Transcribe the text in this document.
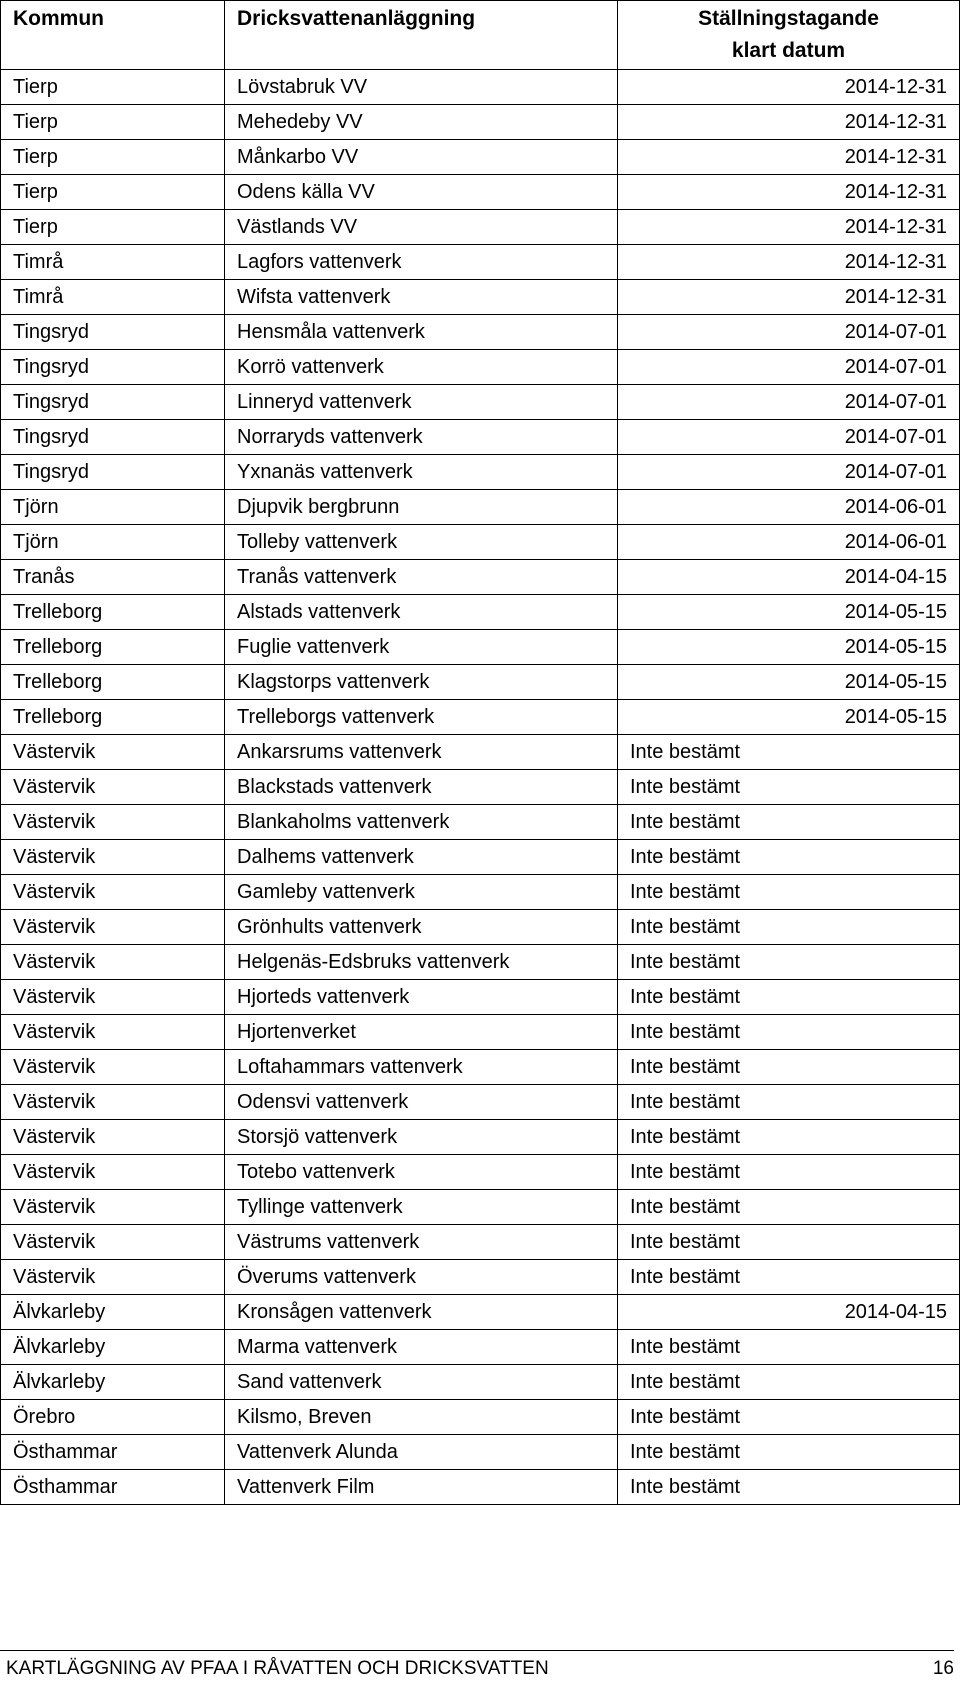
Kommun	Dricksvattenanläggning	Ställningstagande klart datum
Tierp	Lövstabruk VV	2014-12-31
Tierp	Mehedeby VV	2014-12-31
Tierp	Månkarbo VV	2014-12-31
Tierp	Odens källa VV	2014-12-31
Tierp	Västlands VV	2014-12-31
Timrå	Lagfors vattenverk	2014-12-31
Timrå	Wifsta vattenverk	2014-12-31
Tingsryd	Hensmåla vattenverk	2014-07-01
Tingsryd	Korrö vattenverk	2014-07-01
Tingsryd	Linneryd vattenverk	2014-07-01
Tingsryd	Norraryds vattenverk	2014-07-01
Tingsryd	Yxnanäs vattenverk	2014-07-01
Tjörn	Djupvik bergbrunn	2014-06-01
Tjörn	Tolleby vattenverk	2014-06-01
Tranås	Tranås vattenverk	2014-04-15
Trelleborg	Alstads vattenverk	2014-05-15
Trelleborg	Fuglie vattenverk	2014-05-15
Trelleborg	Klagstorps vattenverk	2014-05-15
Trelleborg	Trelleborgs vattenverk	2014-05-15
Västervik	Ankarsrums vattenverk	Inte bestämt
Västervik	Blackstads vattenverk	Inte bestämt
Västervik	Blankaholms vattenverk	Inte bestämt
Västervik	Dalhems vattenverk	Inte bestämt
Västervik	Gamleby vattenverk	Inte bestämt
Västervik	Grönhults vattenverk	Inte bestämt
Västervik	Helgenäs-Edsbruks vattenverk	Inte bestämt
Västervik	Hjorteds vattenverk	Inte bestämt
Västervik	Hjortenverket	Inte bestämt
Västervik	Loftahammars vattenverk	Inte bestämt
Västervik	Odensvi vattenverk	Inte bestämt
Västervik	Storsjö vattenverk	Inte bestämt
Västervik	Totebo vattenverk	Inte bestämt
Västervik	Tyllinge vattenverk	Inte bestämt
Västervik	Västrums vattenverk	Inte bestämt
Västervik	Överums vattenverk	Inte bestämt
Älvkarleby	Kronsågen vattenverk	2014-04-15
Älvkarleby	Marma vattenverk	Inte bestämt
Älvkarleby	Sand vattenverk	Inte bestämt
Örebro	Kilsmo, Breven	Inte bestämt
Östhammar	Vattenverk Alunda	Inte bestämt
Östhammar	Vattenverk Film	Inte bestämt
KARTLÄGGNING AV PFAA I RÅVATTEN OCH DRICKSVATTEN	16
